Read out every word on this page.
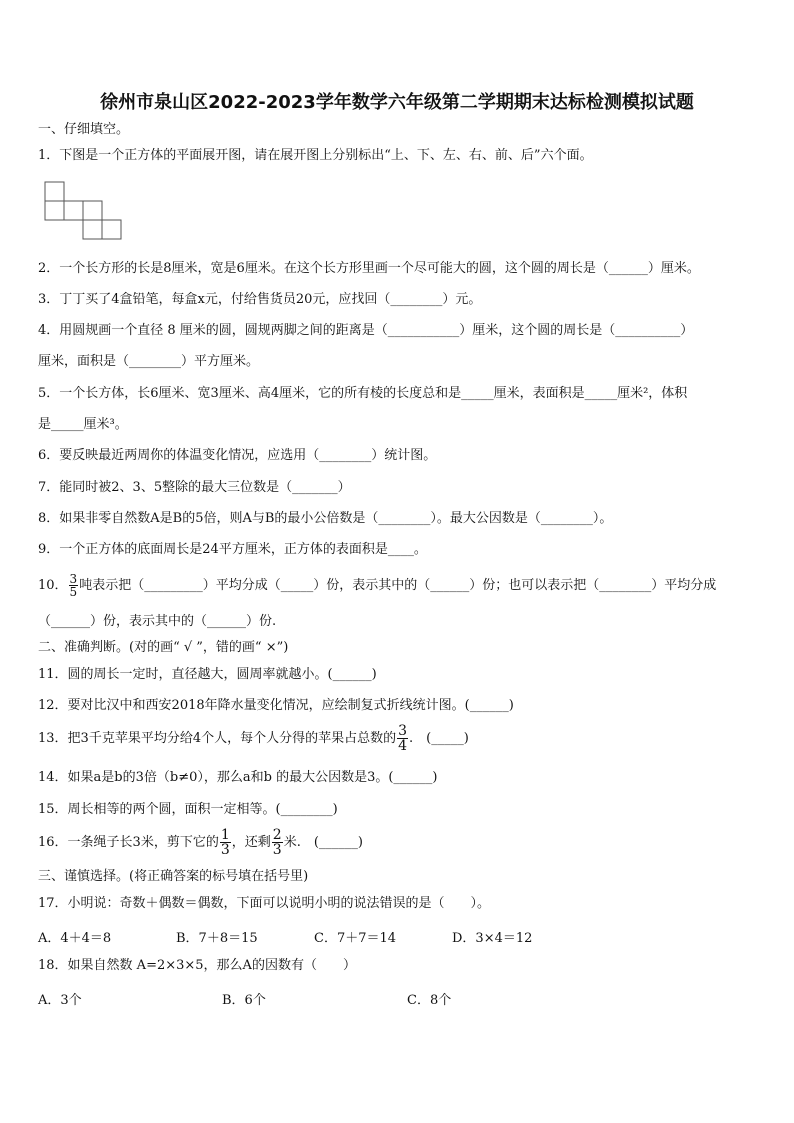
徐州市泉山区2022-2023学年数学六年级第二学期期末达标检测模拟试题
一、仔细填空。
1．下图是一个正方体的平面展开图，请在展开图上分别标出“上、下、左、右、前、后”六个面。
2．一个长方形的长是8厘米，宽是6厘米。在这个长方形里画一个尽可能大的圆，这个圆的周长是（______）厘米。
3．丁丁买了4盒铅笔，每盒x元，付给售货员20元，应找回（________）元。
4．用圆规画一个直径 8 厘米的圆，圆规两脚之间的距离是（___________）厘米，这个圆的周长是（__________）
厘米，面积是（________）平方厘米。
5．一个长方体，长6厘米、宽3厘米、高4厘米，它的所有棱的长度总和是_____厘米，表面积是_____厘米²，体积
是_____厘米³。
6．要反映最近两周你的体温变化情况，应选用（________）统计图。
7．能同时被2、3、5整除的最大三位数是（_______）
8．如果非零自然数A是B的5倍，则A与B的最小公倍数是（________）。最大公因数是（________）。
9．一个正方体的底面周长是24平方厘米，正方体的表面积是____。
10． $\frac{3}{5}$ 吨表示把（_________）平均分成（_____）份，表示其中的（______）份；也可以表示把（________）平均分成
（______）份，表示其中的（______）份.
二、准确判断。(对的画“ √ ”，错的画“ ×”)
11．圆的周长一定时，直径越大，圆周率就越小。(______)
12．要对比汉中和西安2018年降水量变化情况，应绘制复式折线统计图。(______)
13．把3千克苹果平均分给4个人，每个人分得的苹果占总数的 $\frac{3}{4}$ .　(_____)
14．如果a是b的3倍（b≠0），那么a和b 的最大公因数是3。(______)
15．周长相等的两个圆，面积一定相等。(________)
16．一条绳子长3米，剪下它的 $\frac{1}{3}$ ，还剩 $\frac{2}{3}$ 米.　(______)
三、谨慎选择。(将正确答案的标号填在括号里)
17．小明说：奇数＋偶数＝偶数，下面可以说明小明的说法错误的是（　　）。
A．4＋4＝8	B．7＋8＝15	C．7＋7＝14	D．3×4＝12
18．如果自然数 A=2×3×5，那么A的因数有（　　）
A．3个	B．6个	C．8个
